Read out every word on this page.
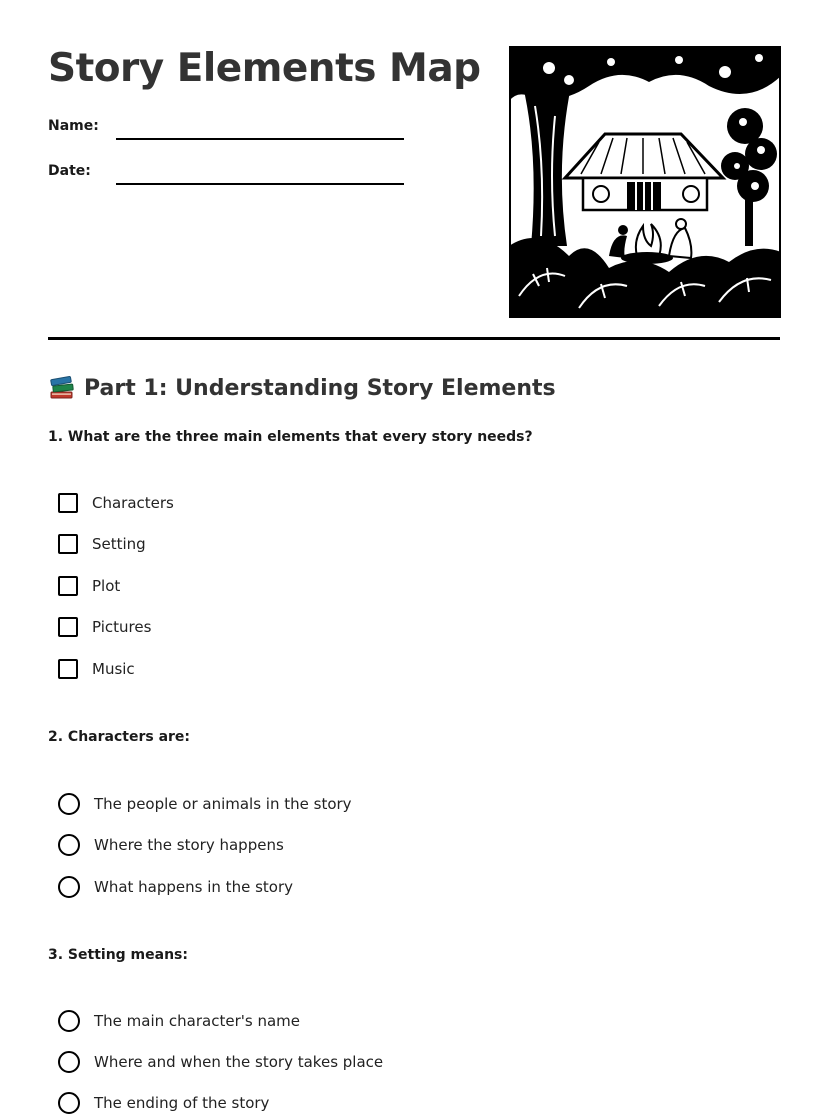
Story Elements Map
Name:
Date:
Part 1: Understanding Story Elements

1. What are the three main elements that every story needs?

Characters
Setting
Plot
Pictures
Music

2. Characters are:

The people or animals in the story
Where the story happens
What happens in the story

3. Setting means:

The main character's name
Where and when the story takes place
The ending of the story
